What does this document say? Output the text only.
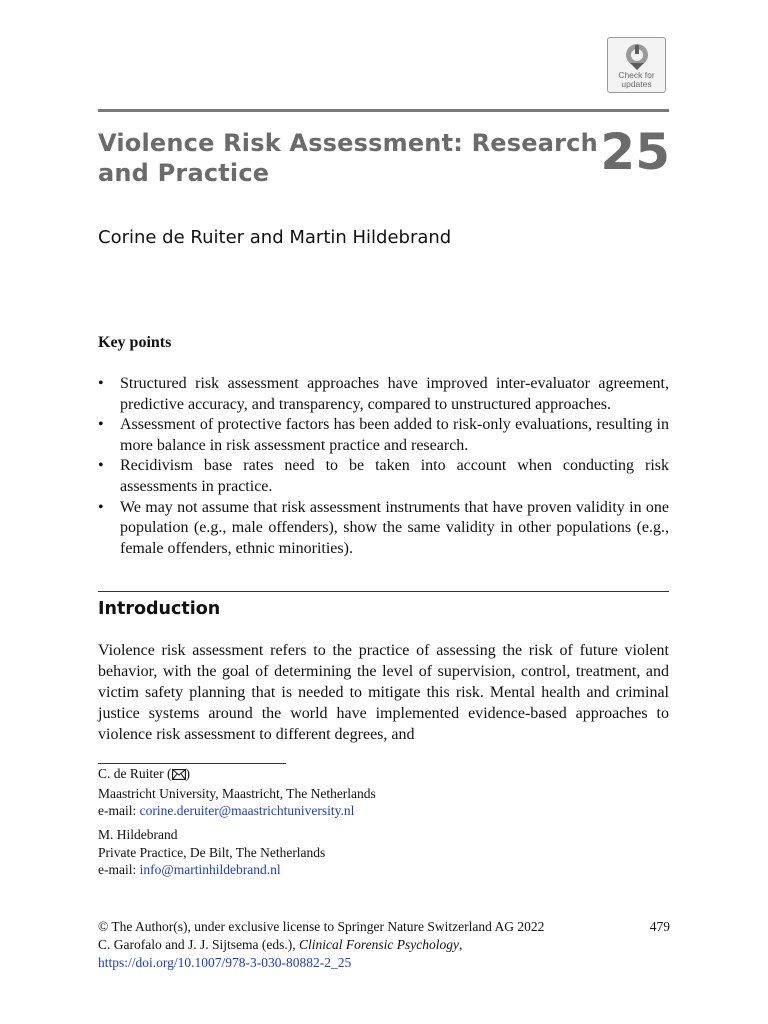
Check for
updates
Violence Risk Assessment: Research
and Practice	25

Corine de Ruiter and Martin Hildebrand

Key points
• Structured risk assessment approaches have improved inter-evaluator agreement, predictive accuracy, and transparency, compared to unstructured approaches.
• Assessment of protective factors has been added to risk-only evaluations, resulting in more balance in risk assessment practice and research.
• Recidivism base rates need to be taken into account when conducting risk assessments in practice.
• We may not assume that risk assessment instruments that have proven validity in one population (e.g., male offenders), show the same validity in other populations (e.g., female offenders, ethnic minorities).
Introduction

Violence risk assessment refers to the practice of assessing the risk of future violent behavior, with the goal of determining the level of supervision, control, treatment, and victim safety planning that is needed to mitigate this risk. Mental health and criminal justice systems around the world have implemented evidence-based approaches to violence risk assessment to different degrees, and

C. de Ruiter ( )
Maastricht University, Maastricht, The Netherlands
e-mail: corine.deruiter@maastrichtuniversity.nl
M. Hildebrand
Private Practice, De Bilt, The Netherlands
e-mail: info@martinhildebrand.nl
© The Author(s), under exclusive license to Springer Nature Switzerland AG 2022
C. Garofalo and J. J. Sijtsema (eds.), Clinical Forensic Psychology,
https://doi.org/10.1007/978-3-030-80882-2_25
479
